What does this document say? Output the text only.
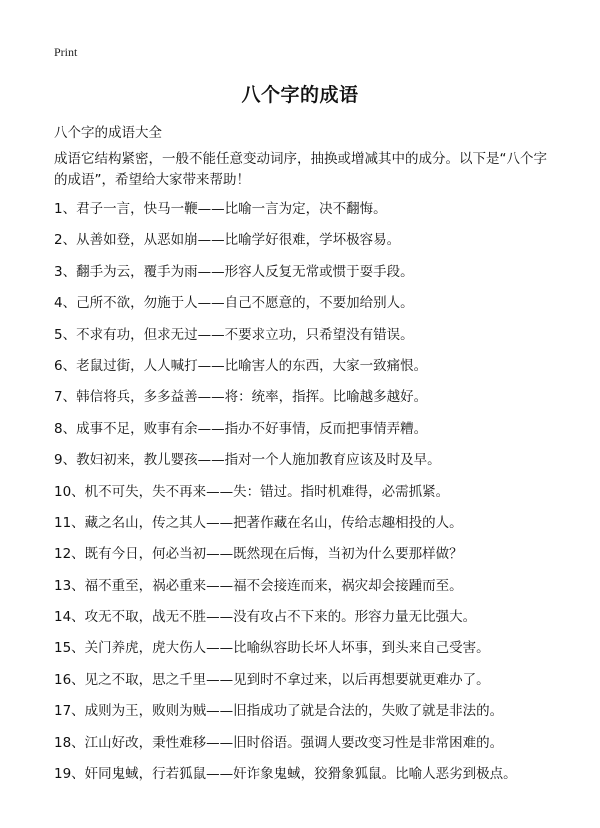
Print
八个字的成语
八个字的成语大全
成语它结构紧密，一般不能任意变动词序，抽换或增减其中的成分。以下是“八个字的成语”，希望给大家带来帮助！
1、君子一言，快马一鞭——比喻一言为定，决不翻悔。
2、从善如登，从恶如崩——比喻学好很难，学坏极容易。
3、翻手为云，覆手为雨——形容人反复无常或惯于耍手段。
4、己所不欲，勿施于人——自己不愿意的，不要加给别人。
5、不求有功，但求无过——不要求立功，只希望没有错误。
6、老鼠过街，人人喊打——比喻害人的东西，大家一致痛恨。
7、韩信将兵，多多益善——将：统率，指挥。比喻越多越好。
8、成事不足，败事有余——指办不好事情，反而把事情弄糟。
9、教妇初来，教儿婴孩——指对一个人施加教育应该及时及早。
10、机不可失，失不再来——失：错过。指时机难得，必需抓紧。
11、藏之名山，传之其人——把著作藏在名山，传给志趣相投的人。
12、既有今日，何必当初——既然现在后悔，当初为什么要那样做？
13、福不重至，祸必重来——福不会接连而来，祸灾却会接踵而至。
14、攻无不取，战无不胜——没有攻占不下来的。形容力量无比强大。
15、关门养虎，虎大伤人——比喻纵容助长坏人坏事，到头来自己受害。
16、见之不取，思之千里——见到时不拿过来，以后再想要就更难办了。
17、成则为王，败则为贼——旧指成功了就是合法的，失败了就是非法的。
18、江山好改，秉性难移——旧时俗语。强调人要改变习性是非常困难的。
19、奸同鬼蜮，行若狐鼠——奸诈象鬼蜮，狡猾象狐鼠。比喻人恶劣到极点。
